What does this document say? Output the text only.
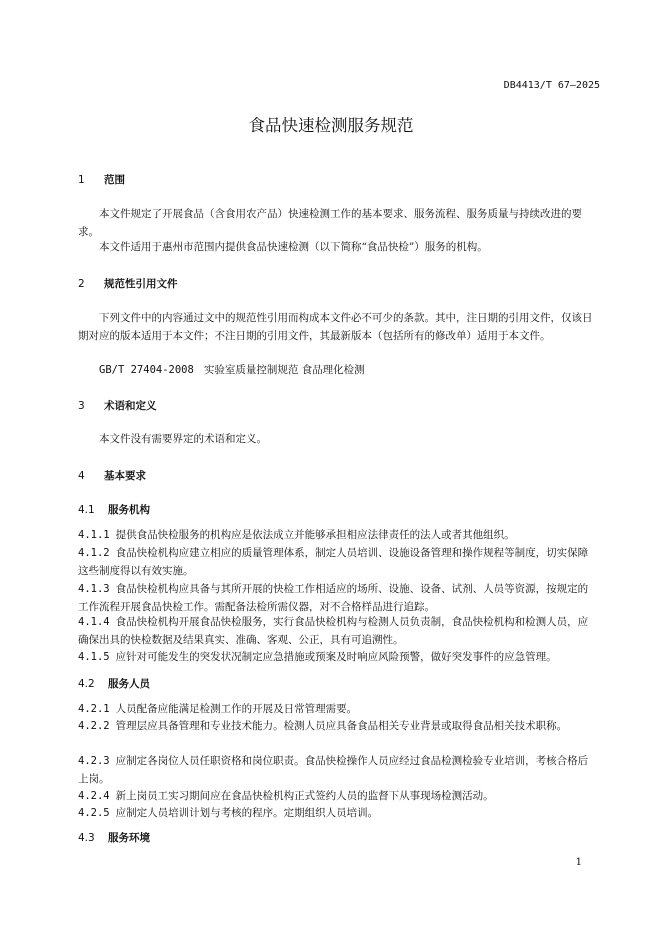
DB4413/T 67—2025
食品快速检测服务规范
1 范围
本文件规定了开展食品（含食用农产品）快速检测工作的基本要求、服务流程、服务质量与持续改进的要求。
本文件适用于惠州市范围内提供食品快速检测（以下简称“食品快检”）服务的机构。
2 规范性引用文件
下列文件中的内容通过文中的规范性引用而构成本文件必不可少的条款。其中，注日期的引用文件，仅该日期对应的版本适用于本文件；不注日期的引用文件，其最新版本（包括所有的修改单）适用于本文件。
GB/T 27404-2008 实验室质量控制规范 食品理化检测
3 术语和定义
本文件没有需要界定的术语和定义。
4 基本要求
4.1 服务机构
4.1.1 提供食品快检服务的机构应是依法成立并能够承担相应法律责任的法人或者其他组织。
4.1.2 食品快检机构应建立相应的质量管理体系，制定人员培训、设施设备管理和操作规程等制度，切实保障这些制度得以有效实施。
4.1.3 食品快检机构应具备与其所开展的快检工作相适应的场所、设施、设备、试剂、人员等资源，按规定的工作流程开展食品快检工作。需配备法检所需仪器，对不合格样品进行追踪。
4.1.4 食品快检机构开展食品快检服务，实行食品快检机构与检测人员负责制，食品快检机构和检测人员，应确保出具的快检数据及结果真实、准确、客观、公正，具有可追溯性。
4.1.5 应针对可能发生的突发状况制定应急措施或预案及时响应风险预警，做好突发事件的应急管理。
4.2 服务人员
4.2.1 人员配备应能满足检测工作的开展及日常管理需要。
4.2.2 管理层应具备管理和专业技术能力。检测人员应具备食品相关专业背景或取得食品相关技术职称。
4.2.3 应制定各岗位人员任职资格和岗位职责。食品快检操作人员应经过食品检测检验专业培训，考核合格后上岗。
4.2.4 新上岗员工实习期间应在食品快检机构正式签约人员的监督下从事现场检测活动。
4.2.5 应制定人员培训计划与考核的程序。定期组织人员培训。
4.3 服务环境
1
